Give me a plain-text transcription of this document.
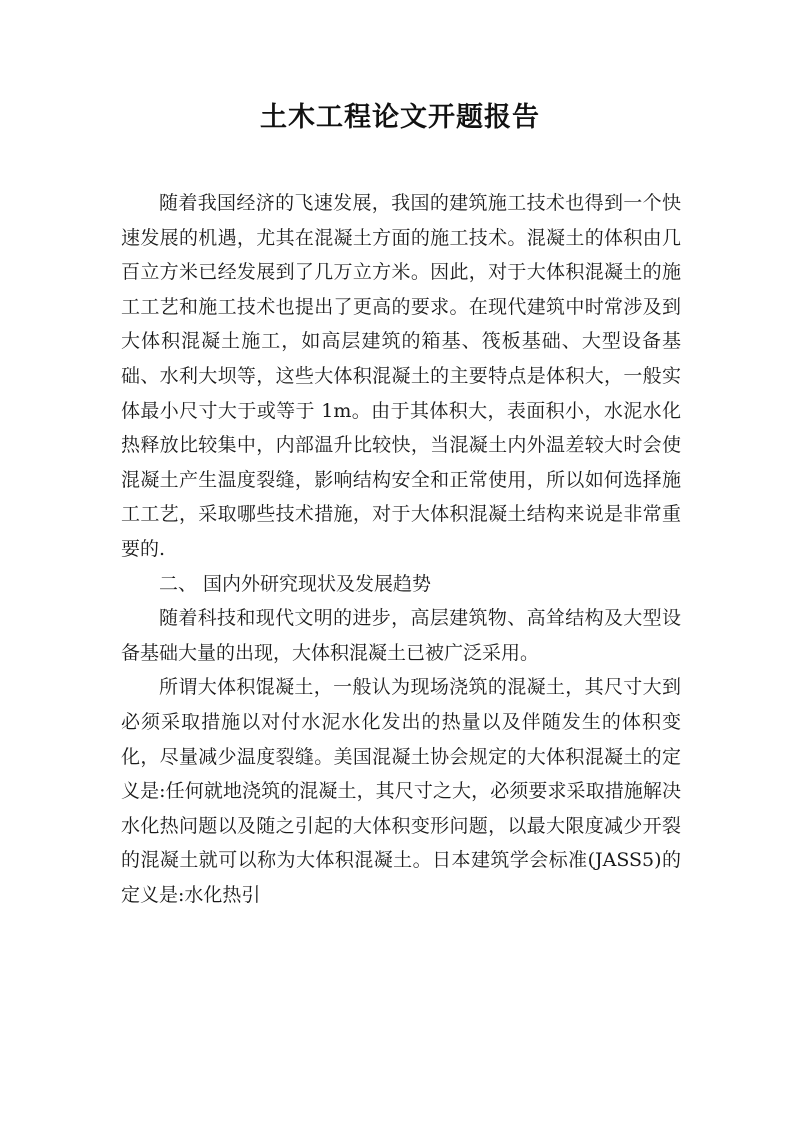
土木工程论文开题报告

随着我国经济的飞速发展，我国的建筑施工技术也得到一个快速发展的机遇，尤其在混凝土方面的施工技术。混凝土的体积由几百立方米已经发展到了几万立方米。因此，对于大体积混凝土的施工工艺和施工技术也提出了更高的要求。在现代建筑中时常涉及到大体积混凝土施工，如高层建筑的箱基、筏板基础、大型设备基础、水利大坝等，这些大体积混凝土的主要特点是体积大，一般实体最小尺寸大于或等于 1m。由于其体积大，表面积小，水泥水化热释放比较集中，内部温升比较快，当混凝土内外温差较大时会使混凝土产生温度裂缝，影响结构安全和正常使用，所以如何选择施工工艺，采取哪些技术措施，对于大体积混凝土结构来说是非常重要的.

二、 国内外研究现状及发展趋势

随着科技和现代文明的进步，高层建筑物、高耸结构及大型设备基础大量的出现，大体积混凝土已被广泛采用。

所谓大体积馄凝土，一般认为现场浇筑的混凝土，其尺寸大到必须采取措施以对付水泥水化发出的热量以及伴随发生的体积变化，尽量减少温度裂缝。美国混凝土协会规定的大体积混凝土的定义是:任何就地浇筑的混凝土，其尺寸之大，必须要求采取措施解决水化热问题以及随之引起的大体积变形问题，以最大限度减少开裂的混凝土就可以称为大体积混凝土。日本建筑学会标准(JASS5)的定义是:水化热引
